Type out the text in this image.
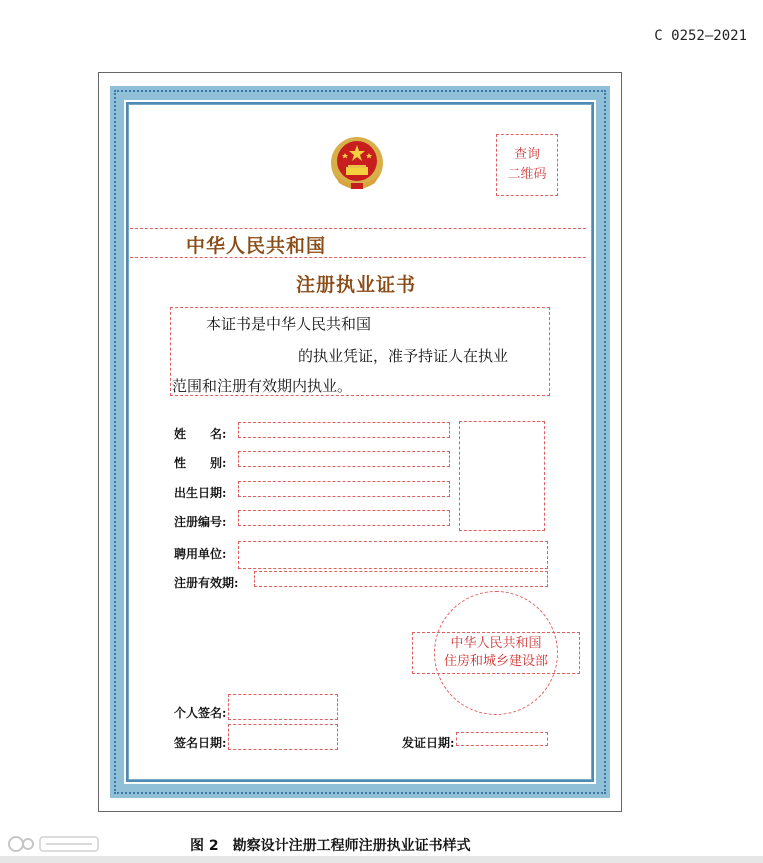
C 0252—2021
查询
二维码
中华人民共和国
注册执业证书
本证书是中华人民共和国
的执业凭证，准予持证人在执业
范围和注册有效期内执业。
姓　　名:
性　　别:
出生日期:
注册编号:
聘用单位:
注册有效期:
中华人民共和国
住房和城乡建设部
个人签名:
签名日期:	发证日期:
图 2　勘察设计注册工程师注册执业证书样式
